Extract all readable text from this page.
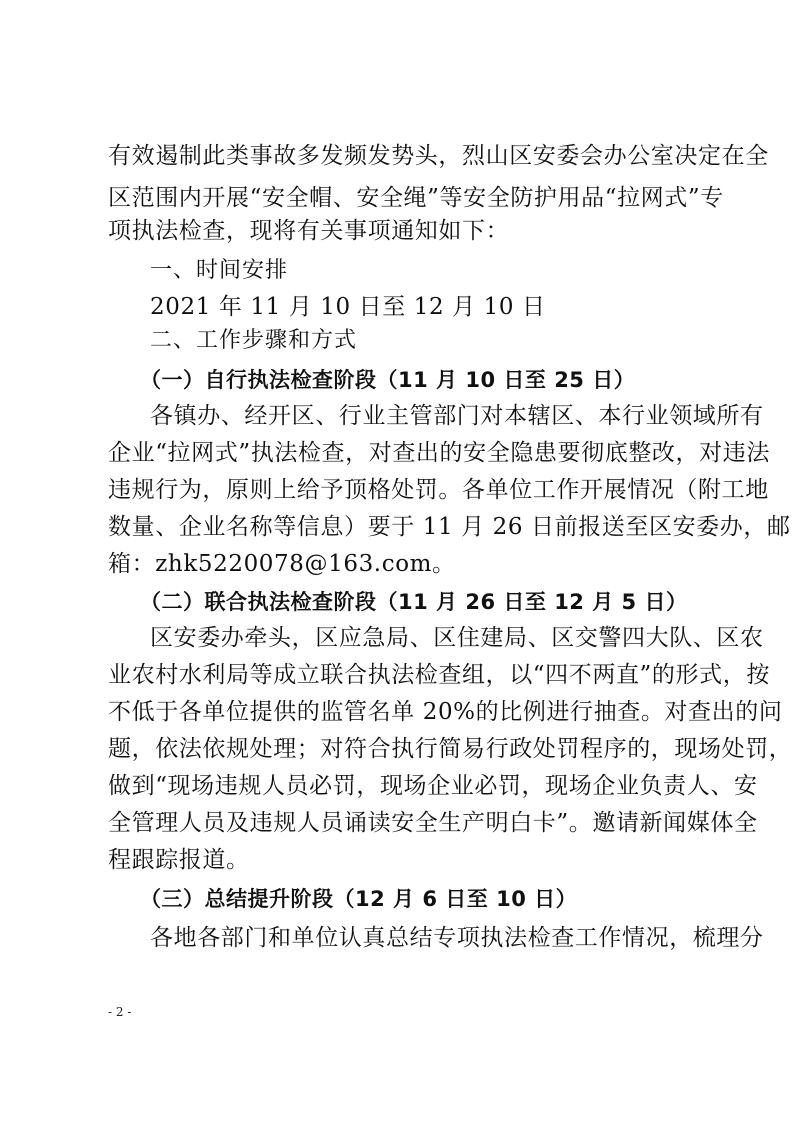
有效遏制此类事故多发频发势头，烈山区安委会办公室决定在全
区范围内开展“安全帽、安全绳”等安全防护用品“拉网式”专
项执法检查，现将有关事项通知如下：
一、时间安排
2021 年 11 月 10 日至 12 月 10 日
二、工作步骤和方式
（一）自行执法检查阶段（11 月 10 日至 25 日）
各镇办、经开区、行业主管部门对本辖区、本行业领域所有
企业“拉网式”执法检查，对查出的安全隐患要彻底整改，对违法
违规行为，原则上给予顶格处罚。各单位工作开展情况（附工地
数量、企业名称等信息）要于 11 月 26 日前报送至区安委办，邮
箱：zhk5220078@163.com。
（二）联合执法检查阶段（11 月 26 日至 12 月 5 日）
区安委办牵头，区应急局、区住建局、区交警四大队、区农
业农村水利局等成立联合执法检查组，以“四不两直”的形式，按
不低于各单位提供的监管名单 20%的比例进行抽查。对查出的问
题，依法依规处理；对符合执行简易行政处罚程序的，现场处罚，
做到“现场违规人员必罚，现场企业必罚，现场企业负责人、安
全管理人员及违规人员诵读安全生产明白卡”。邀请新闻媒体全
程跟踪报道。
（三）总结提升阶段（12 月 6 日至 10 日）
各地各部门和单位认真总结专项执法检查工作情况，梳理分
- 2 -
